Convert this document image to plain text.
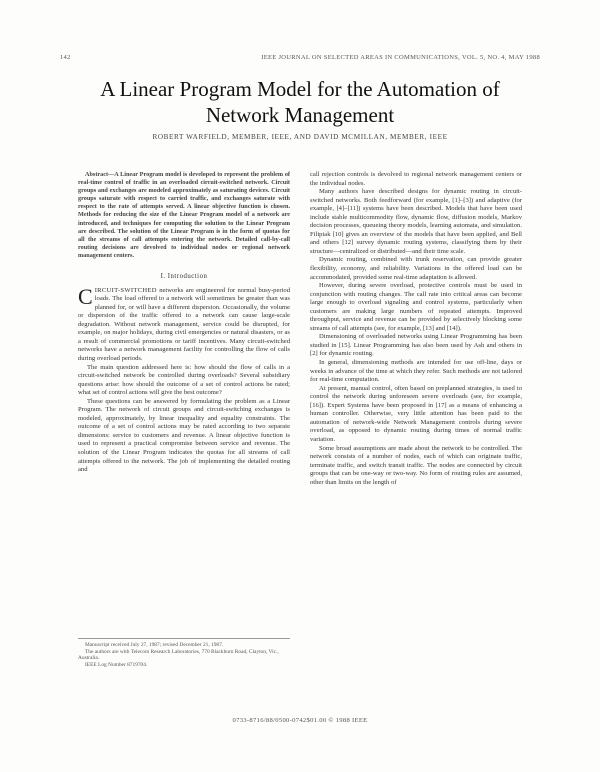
142	IEEE JOURNAL ON SELECTED AREAS IN COMMUNICATIONS, VOL. 5, NO. 4, MAY 1988
A Linear Program Model for the Automation of
Network Management
ROBERT WARFIELD, MEMBER, IEEE, AND DAVID MCMILLAN, MEMBER, IEEE

Abstract—A Linear Program model is developed to represent the problem of real-time control of traffic in an overloaded circuit-switched network. Circuit groups and exchanges are modeled approximately as saturating devices. Circuit groups saturate with respect to carried traffic, and exchanges saturate with respect to the rate of attempts served. A linear objective function is chosen. Methods for reducing the size of the Linear Program model of a network are introduced, and techniques for computing the solution to the Linear Program are described. The solution of the Linear Program is in the form of quotas for all the streams of call attempts entering the network. Detailed call-by-call routing decisions are devolved to individual nodes or regional network management centers.

I. Introduction

CIRCUIT-SWITCHED networks are engineered for normal busy-period loads. The load offered to a network will sometimes be greater than was planned for, or will have a different dispersion. Occasionally, the volume or dispersion of the traffic offered to a network can cause large-scale degradation. Without network management, service could be disrupted, for example, on major holidays, during civil emergencies or natural disasters, or as a result of commercial promotions or tariff incentives. Many circuit-switched networks have a network management facility for controlling the flow of calls during overload periods.

The main question addressed here is: how should the flow of calls in a circuit-switched network be controlled during overloads? Several subsidiary questions arise: how should the outcome of a set of control actions be rated; what set of control actions will give the best outcome?

These questions can be answered by formulating the problem as a Linear Program. The network of circuit groups and circuit-switching exchanges is modeled, approximately, by linear inequality and equality constraints. The outcome of a set of control actions may be rated according to two separate dimensions: service to customers and revenue. A linear objective function is used to represent a practical compromise between service and revenue. The solution of the Linear Program indicates the quotas for all streams of call attempts offered to the network. The job of implementing the detailed routing and

Manuscript received July 27, 1987; revised December 21, 1987.
The authors are with Telecom Research Laboratories, 770 Blackburn Road, Clayton, Vic., Australia.
IEEE Log Number 8719704.

call rejection controls is devolved to regional network management centers or the individual nodes.

Many authors have described designs for dynamic routing in circuit-switched networks. Both feedforward (for example, [1]–[3]) and adaptive (for example, [4]–[11]) systems have been described. Models that have been used include stable multicommodity flow, dynamic flow, diffusion models, Markov decision processes, queueing theory models, learning automata, and simulation. Filipiak [10] gives an overview of the models that have been applied, and Bell and others [12] survey dynamic routing systems, classifying them by their structure—centralized or distributed—and their time scale.

Dynamic routing, combined with trunk reservation, can provide greater flexibility, economy, and reliability. Variations in the offered load can be accommodated, provided some real-time adaptation is allowed.

However, during severe overload, protective controls must be used in conjunction with routing changes. The call rate into critical areas can become large enough to overload signaling and control systems, particularly when customers are making large numbers of repeated attempts. Improved throughput, service and revenue can be provided by selectively blocking some streams of call attempts (see, for example, [13] and [14]).

Dimensioning of overloaded networks using Linear Programming has been studied in [15]. Linear Programming has also been used by Ash and others in [2] for dynamic routing.

In general, dimensioning methods are intended for use off-line, days or weeks in advance of the time at which they refer. Such methods are not tailored for real-time computation.

At present, manual control, often based on preplanned strategies, is used to control the network during unforeseen severe overloads (see, for example, [16]). Expert Systems have been proposed in [17] as a means of enhancing a human controller. Otherwise, very little attention has been paid to the automation of network-wide Network Management controls during severe overload, as opposed to dynamic routing during times of normal traffic variation.

Some broad assumptions are made about the network to be controlled. The network consists of a number of nodes, each of which can originate traffic, terminate traffic, and switch transit traffic. The nodes are connected by circuit groups that can be one-way or two-way. No form of routing rules are assumed, other than limits on the length of

0733-8716/88/0500-0742$01.00 © 1988 IEEE
